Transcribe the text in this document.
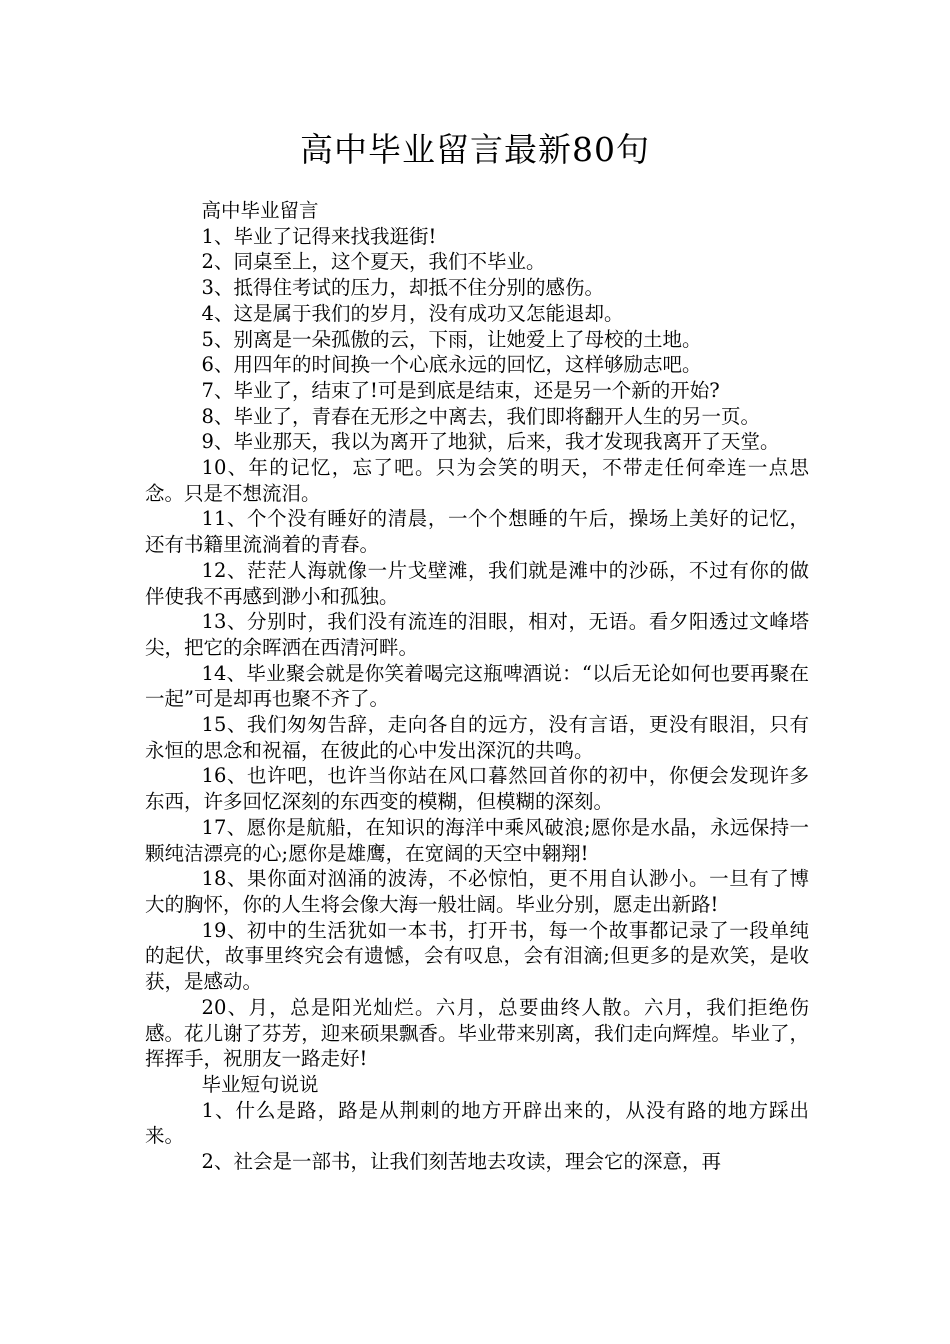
高中毕业留言最新80句

高中毕业留言

1、毕业了记得来找我逛街!

2、同桌至上，这个夏天，我们不毕业。

3、抵得住考试的压力，却抵不住分别的感伤。

4、这是属于我们的岁月，没有成功又怎能退却。

5、别离是一朵孤傲的云，下雨，让她爱上了母校的土地。

6、用四年的时间换一个心底永远的回忆，这样够励志吧。

7、毕业了，结束了!可是到底是结束，还是另一个新的开始?

8、毕业了，青春在无形之中离去，我们即将翻开人生的另一页。

9、毕业那天，我以为离开了地狱，后来，我才发现我离开了天堂。

10、年的记忆，忘了吧。只为会笑的明天，不带走任何牵连一点思念。只是不想流泪。

11、个个没有睡好的清晨，一个个想睡的午后，操场上美好的记忆，还有书籍里流淌着的青春。

12、茫茫人海就像一片戈壁滩，我们就是滩中的沙砾，不过有你的做伴使我不再感到渺小和孤独。

13、分别时，我们没有流连的泪眼，相对，无语。看夕阳透过文峰塔尖，把它的余晖洒在西清河畔。

14、毕业聚会就是你笑着喝完这瓶啤酒说：“以后无论如何也要再聚在一起”可是却再也聚不齐了。

15、我们匆匆告辞，走向各自的远方，没有言语，更没有眼泪，只有永恒的思念和祝福，在彼此的心中发出深沉的共鸣。

16、也许吧，也许当你站在风口暮然回首你的初中，你便会发现许多东西，许多回忆深刻的东西变的模糊，但模糊的深刻。

17、愿你是航船，在知识的海洋中乘风破浪;愿你是水晶，永远保持一颗纯洁漂亮的心;愿你是雄鹰，在宽阔的天空中翱翔!

18、果你面对汹涌的波涛，不必惊怕，更不用自认渺小。一旦有了博大的胸怀，你的人生将会像大海一般壮阔。毕业分别，愿走出新路!

19、初中的生活犹如一本书，打开书，每一个故事都记录了一段单纯的起伏，故事里终究会有遗憾，会有叹息，会有泪滴;但更多的是欢笑，是收获，是感动。

20、月，总是阳光灿烂。六月，总要曲终人散。六月，我们拒绝伤感。花儿谢了芬芳，迎来硕果飘香。毕业带来别离，我们走向辉煌。毕业了，挥挥手，祝朋友一路走好!

毕业短句说说

1、什么是路，路是从荆刺的地方开辟出来的，从没有路的地方踩出来。

2、社会是一部书，让我们刻苦地去攻读，理会它的深意，再
